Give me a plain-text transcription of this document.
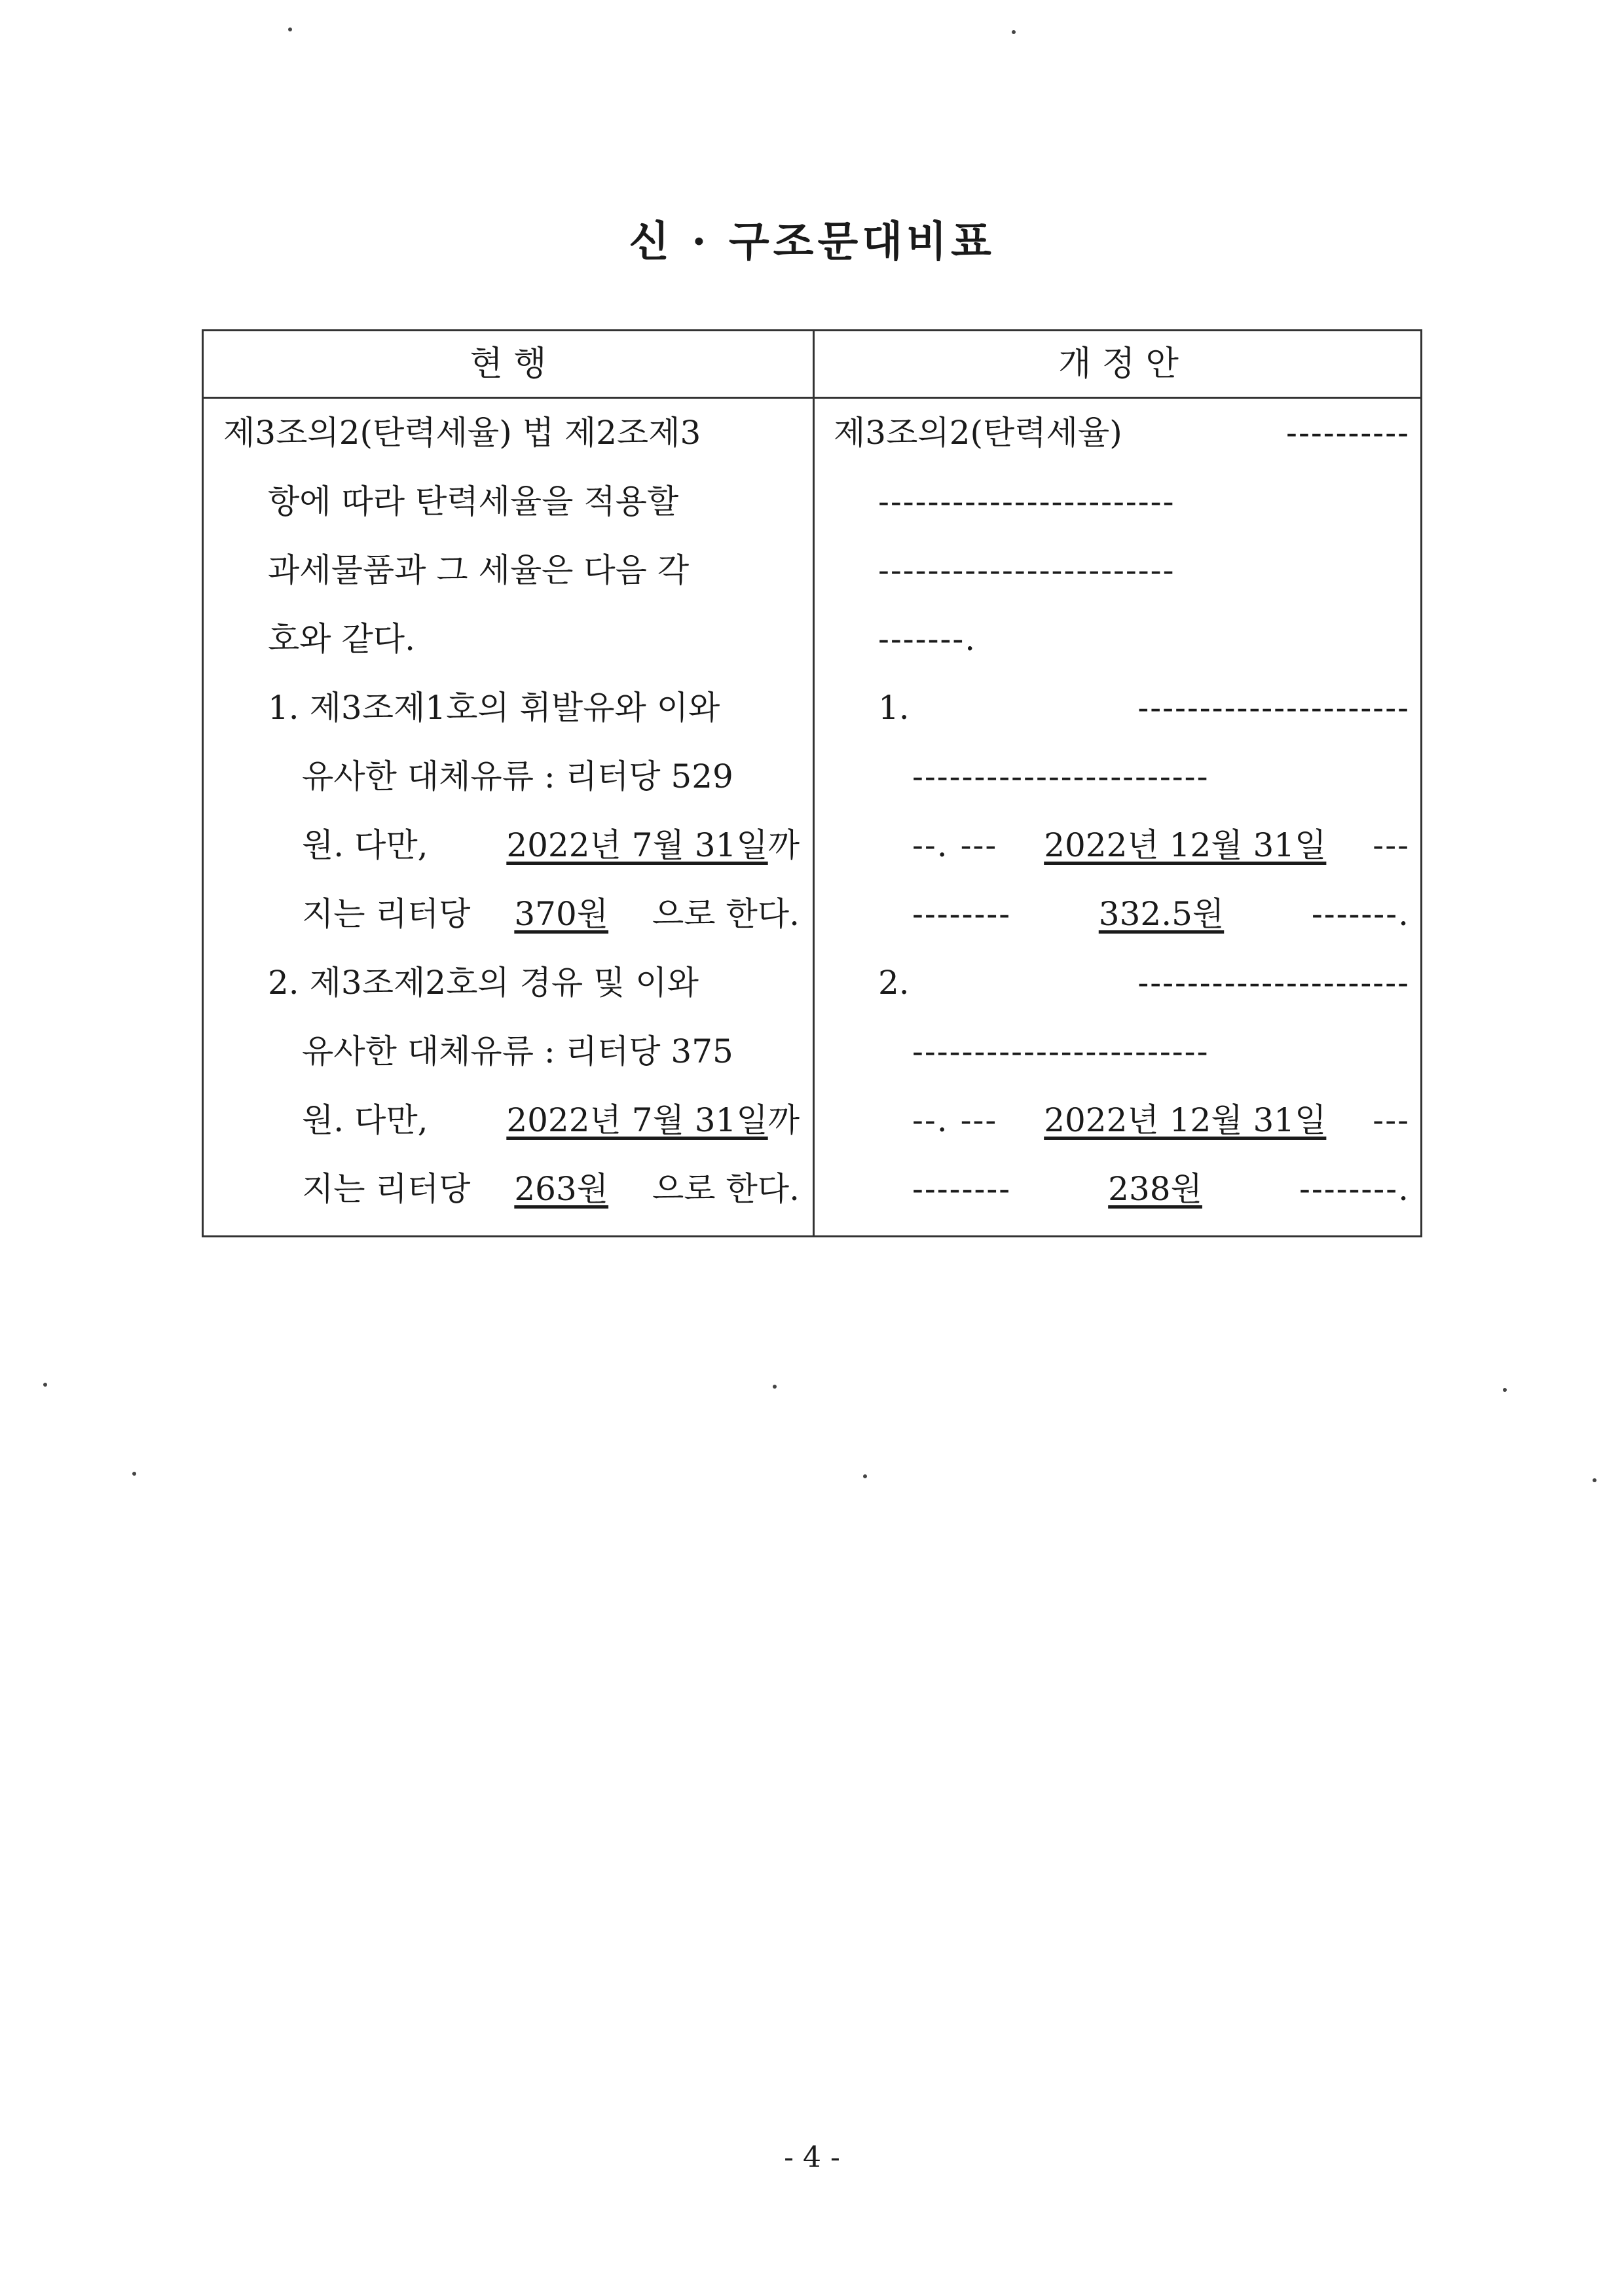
신 · 구조문대비표
현 행	개 정 안
제3조의2(탄력세율) 법 제2조제3
항에 따라 탄력세율을 적용할
과세물품과 그 세율은 다음 각
호와 같다.
1. 제3조제1호의 휘발유와 이와
유사한 대체유류 : 리터당 529
원. 다만, 2022년 7월 31일까
지는 리터당 370원 으로 한다.
2. 제3조제2호의 경유 및 이와
유사한 대체유류 : 리터당 375
원. 다만, 2022년 7월 31일까
지는 리터당 263원 으로 한다.
제3조의2(탄력세율)	----------
------------------------
------------------------
-------.
1.	----------------------
------------------------
--. --- 2022년 12월 31일 ---
--------	332.5원	-------.
2.	----------------------
------------------------
--. --- 2022년 12월 31일 ---
--------	238원	--------.
- 4 -
